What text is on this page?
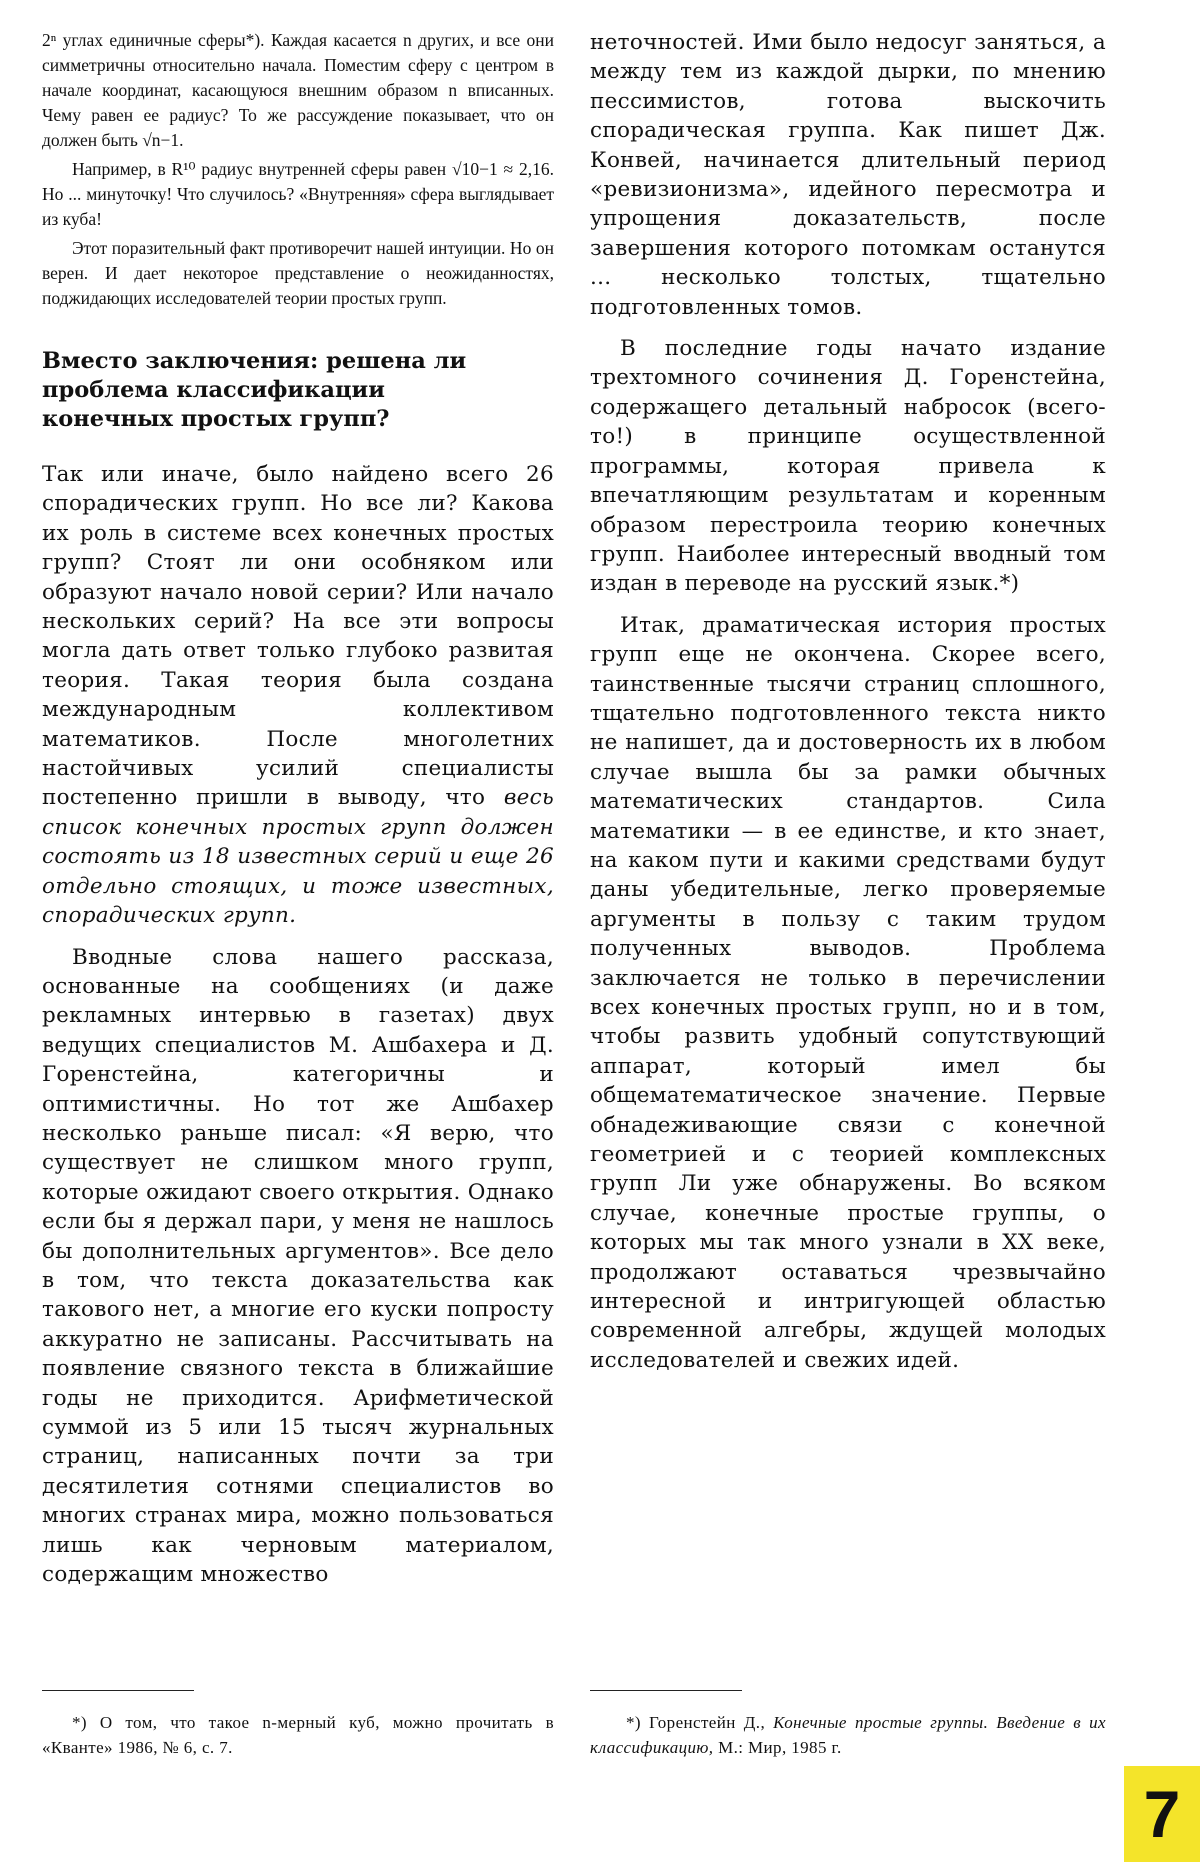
2ⁿ углах единичные сферы*). Каждая касается n других, и все они симметричны относительно начала. Поместим сферу с центром в начале координат, касающуюся внешним образом n вписанных. Чему равен ее радиус? То же рассуждение показывает, что он должен быть √n−1.

Например, в R¹⁰ радиус внутренней сферы равен √10−1 ≈ 2,16. Но ... минуточку! Что случилось? «Внутренняя» сфера выглядывает из куба!

Этот поразительный факт противоречит нашей интуиции. Но он верен. И дает некоторое представление о неожиданностях, поджидающих исследователей теории простых групп.

Вместо заключения: решена ли
проблема классификации
конечных простых групп?

Так или иначе, было найдено всего 26 спорадических групп. Но все ли? Какова их роль в системе всех конечных простых групп? Стоят ли они особняком или образуют начало новой серии? Или начало нескольких серий? На все эти вопросы могла дать ответ только глубоко развитая теория. Такая теория была создана международным коллективом математиков. После многолетних настойчивых усилий специалисты постепенно пришли в выводу, что весь список конечных простых групп должен состоять из 18 известных серий и еще 26 отдельно стоящих, и тоже известных, спорадических групп.

Вводные слова нашего рассказа, основанные на сообщениях (и даже рекламных интервью в газетах) двух ведущих специалистов М. Ашбахера и Д. Горенстейна, категоричны и оптимистичны. Но тот же Ашбахер несколько раньше писал: «Я верю, что существует не слишком много групп, которые ожидают своего открытия. Однако если бы я держал пари, у меня не нашлось бы дополнительных аргументов». Все дело в том, что текста доказательства как такового нет, а многие его куски попросту аккуратно не записаны. Рассчитывать на появление связного текста в ближайшие годы не приходится. Арифметической суммой из 5 или 15 тысяч журнальных страниц, написанных почти за три десятилетия сотнями специалистов во многих странах мира, можно пользоваться лишь как черновым материалом, содержащим множество

неточностей. Ими было недосуг заняться, а между тем из каждой дырки, по мнению пессимистов, готова выскочить спорадическая группа. Как пишет Дж. Конвей, начинается длительный период «ревизионизма», идейного пересмотра и упрощения доказательств, после завершения которого потомкам останутся ... несколько толстых, тщательно подготовленных томов.

В последние годы начато издание трехтомного сочинения Д. Горенстейна, содержащего детальный набросок (всего-то!) в принципе осуществленной программы, которая привела к впечатляющим результатам и коренным образом перестроила теорию конечных групп. Наиболее интересный вводный том издан в переводе на русский язык.*)

Итак, драматическая история простых групп еще не окончена. Скорее всего, таинственные тысячи страниц сплошного, тщательно подготовленного текста никто не напишет, да и достоверность их в любом случае вышла бы за рамки обычных математических стандартов. Сила математики — в ее единстве, и кто знает, на каком пути и какими средствами будут даны убедительные, легко проверяемые аргументы в пользу с таким трудом полученных выводов. Проблема заключается не только в перечислении всех конечных простых групп, но и в том, чтобы развить удобный сопутствующий аппарат, который имел бы общематематическое значение. Первые обнадеживающие связи с конечной геометрией и с теорией комплексных групп Ли уже обнаружены. Во всяком случае, конечные простые группы, о которых мы так много узнали в XX веке, продолжают оставаться чрезвычайно интересной и интригующей областью современной алгебры, ждущей молодых исследователей и свежих идей.

*) О том, что такое n-мерный куб, можно прочитать в «Кванте» 1986, № 6, с. 7.
*) Горенстейн Д., Конечные простые группы. Введение в их классификацию, М.: Мир, 1985 г.
7
